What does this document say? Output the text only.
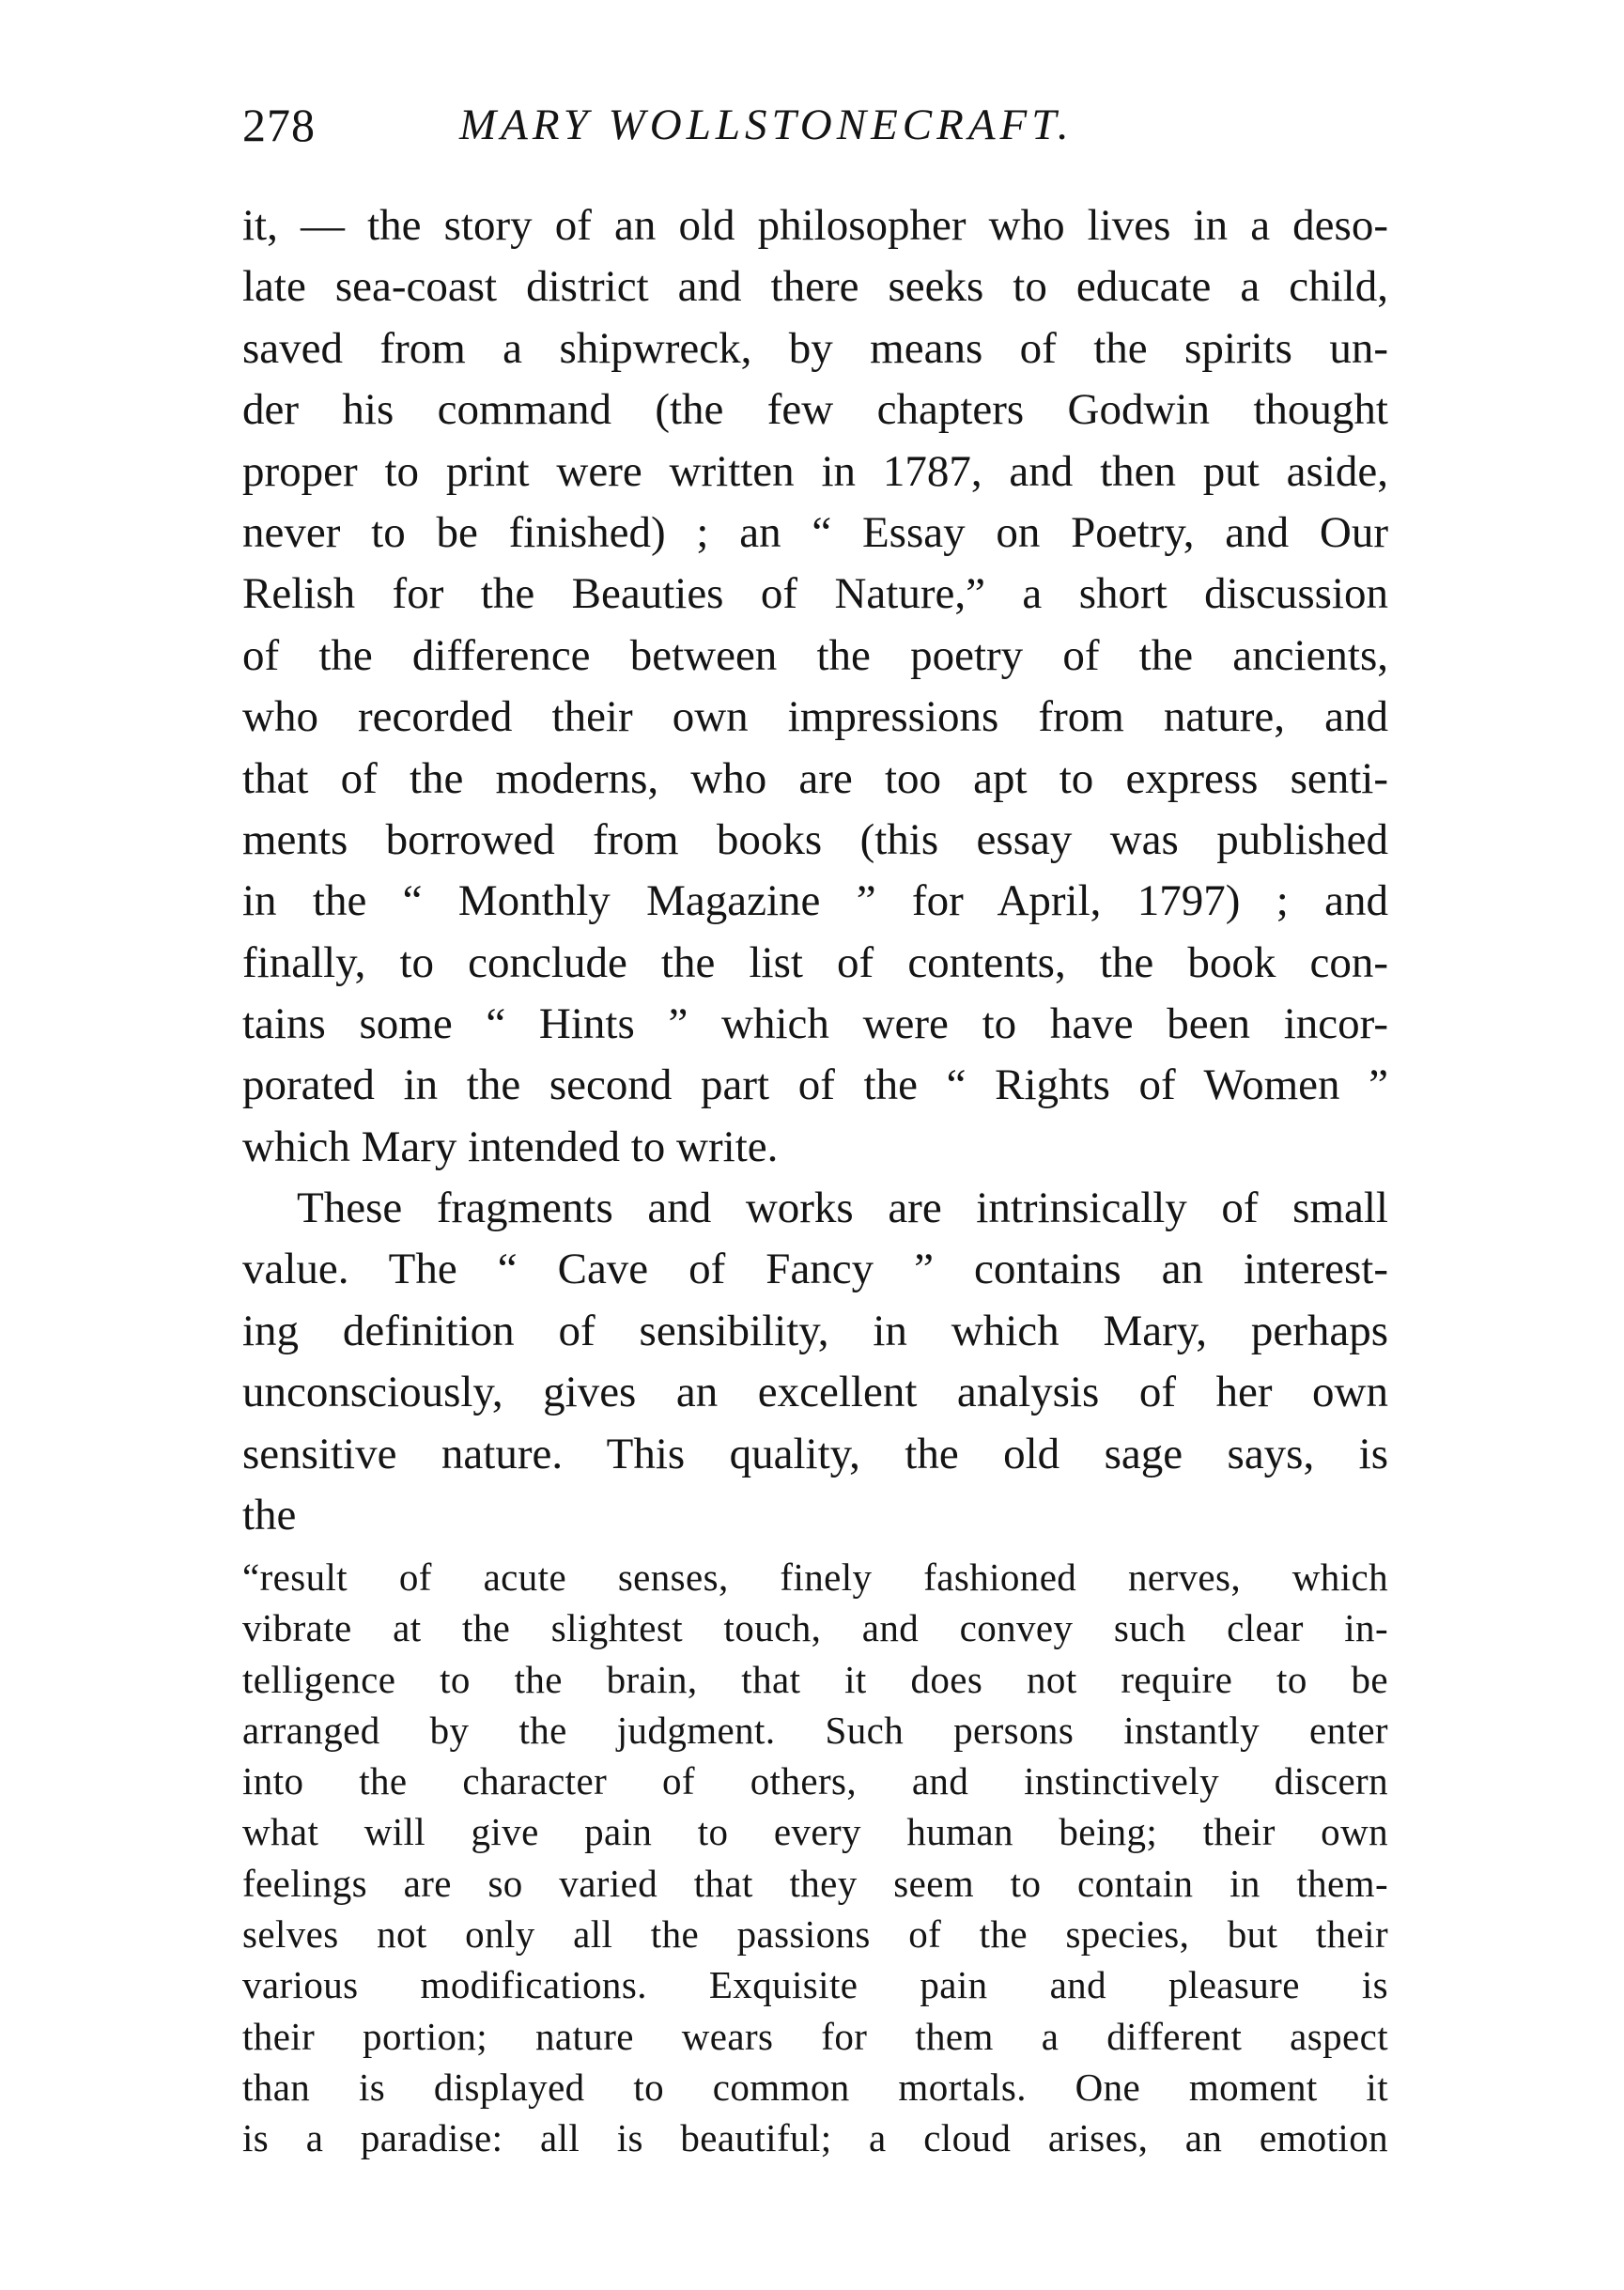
278	MARY WOLLSTONECRAFT.
it, — the story of an old philosopher who lives in a deso-
late sea-coast district and there seeks to educate a child,
saved from a shipwreck, by means of the spirits un-
der his command (the few chapters Godwin thought
proper to print were written in 1787, and then put aside,
never to be finished) ; an “ Essay on Poetry, and Our
Relish for the Beauties of Nature,” a short discussion
of the difference between the poetry of the ancients,
who recorded their own impressions from nature, and
that of the moderns, who are too apt to express senti-
ments borrowed from books (this essay was published
in the “ Monthly Magazine ” for April, 1797) ; and
finally, to conclude the list of contents, the book con-
tains some “ Hints ” which were to have been incor-
porated in the second part of the “ Rights of Women ”
which Mary intended to write.
These fragments and works are intrinsically of small
value. The “ Cave of Fancy ” contains an interest-
ing definition of sensibility, in which Mary, perhaps
unconsciously, gives an excellent analysis of her own
sensitive nature. This quality, the old sage says, is
the
“result of acute senses, finely fashioned nerves, which
vibrate at the slightest touch, and convey such clear in-
telligence to the brain, that it does not require to be
arranged by the judgment. Such persons instantly enter
into the character of others, and instinctively discern
what will give pain to every human being; their own
feelings are so varied that they seem to contain in them-
selves not only all the passions of the species, but their
various modifications. Exquisite pain and pleasure is
their portion; nature wears for them a different aspect
than is displayed to common mortals. One moment it
is a paradise: all is beautiful; a cloud arises, an emotion
